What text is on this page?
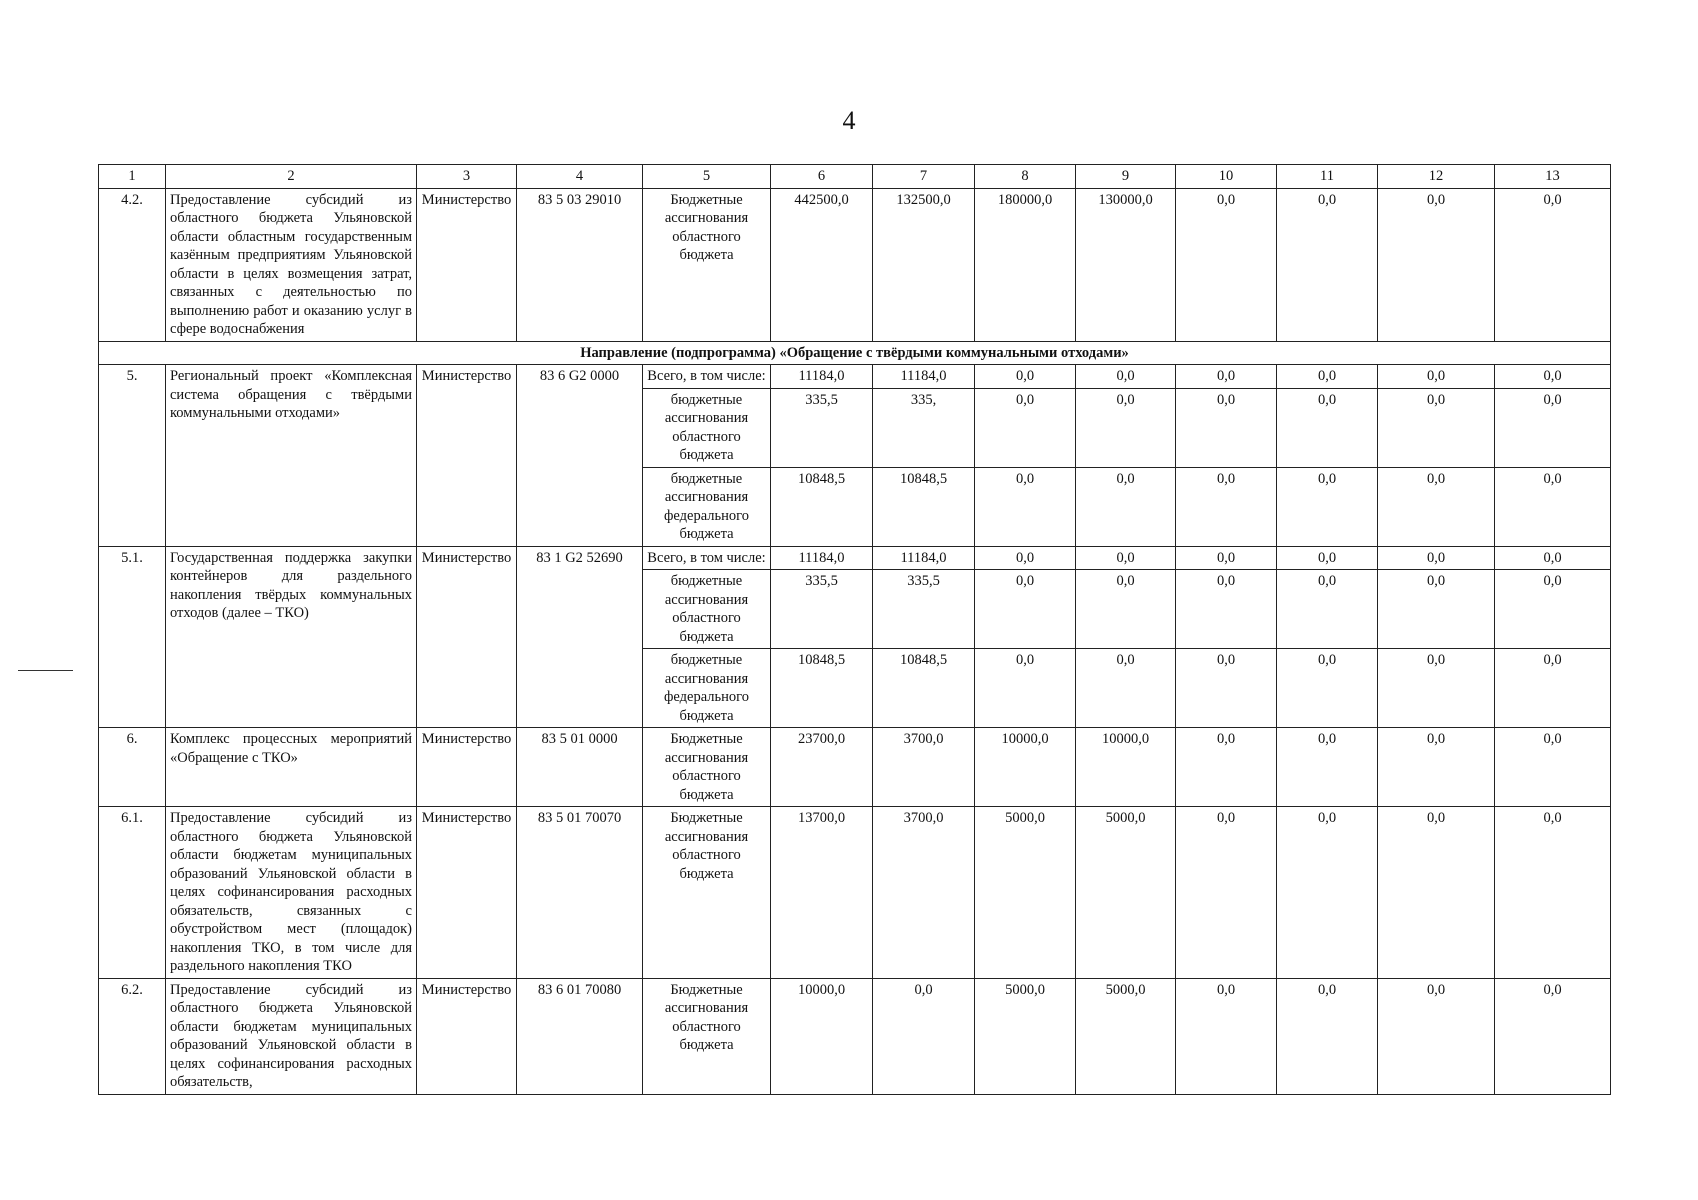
4
1	2	3	4	5	6	7	8	9	10	11	12	13
4.2.	Предоставление субсидий из областного бюджета Ульяновской области областным государственным казённым предприятиям Ульяновской области в целях возмещения затрат, связанных с деятельностью по выполнению работ и оказанию услуг в сфере водоснабжения	Министерство	83 5 03 29010	Бюджетные ассигнования областного бюджета	442500,0	132500,0	180000,0	130000,0	0,0	0,0	0,0	0,0
Направление (подпрограмма) «Обращение с твёрдыми коммунальными отходами»												
5.	Региональный проект «Комплексная система обращения с твёрдыми коммунальными отходами»	Министерство	83 6 G2 0000	Всего, в том числе:	11184,0	11184,0	0,0	0,0	0,0	0,0	0,0	0,0
				бюджетные ассигнования областного бюджета	335,5	335,	0,0	0,0	0,0	0,0	0,0	0,0
				бюджетные ассигнования федерального бюджета	10848,5	10848,5	0,0	0,0	0,0	0,0	0,0	0,0
5.1.	Государственная поддержка закупки контейнеров для раздельного накопления твёрдых коммунальных отходов (далее – ТКО)	Министерство	83 1 G2 52690	Всего, в том числе:	11184,0	11184,0	0,0	0,0	0,0	0,0	0,0	0,0
				бюджетные ассигнования областного бюджета	335,5	335,5	0,0	0,0	0,0	0,0	0,0	0,0
				бюджетные ассигнования федерального бюджета	10848,5	10848,5	0,0	0,0	0,0	0,0	0,0	0,0
6.	Комплекс процессных мероприятий «Обращение с ТКО»	Министерство	83 5 01 0000	Бюджетные ассигнования областного бюджета	23700,0	3700,0	10000,0	10000,0	0,0	0,0	0,0	0,0
6.1.	Предоставление субсидий из областного бюджета Ульяновской области бюджетам муниципальных образований Ульяновской области в целях софинансирования расходных обязательств, связанных с обустройством мест (площадок) накопления ТКО, в том числе для раздельного накопления ТКО	Министерство	83 5 01 70070	Бюджетные ассигнования областного бюджета	13700,0	3700,0	5000,0	5000,0	0,0	0,0	0,0	0,0
6.2.	Предоставление субсидий из областного бюджета Ульяновской области бюджетам муниципальных образований Ульяновской области в целях софинансирования расходных обязательств,	Министерство	83 6 01 70080	Бюджетные ассигнования областного бюджета	10000,0	0,0	5000,0	5000,0	0,0	0,0	0,0	0,0
